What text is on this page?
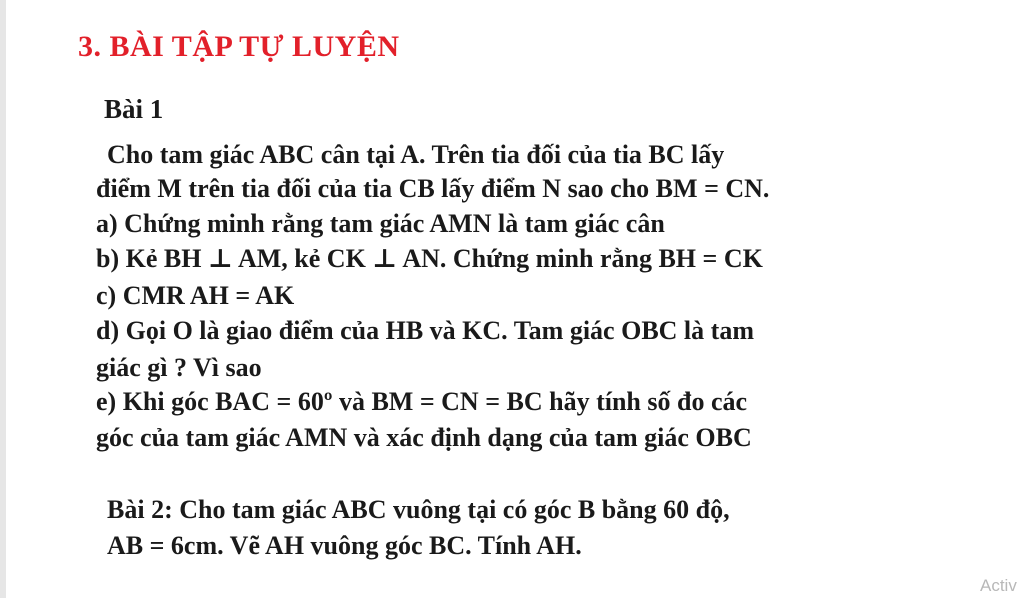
3. BÀI TẬP TỰ LUYỆN
Bài 1
Cho tam giác ABC cân tại A. Trên tia đối của tia BC lấy
điểm M trên tia đối của tia CB lấy điểm N sao cho BM = CN.
a) Chứng minh rằng tam giác AMN là tam giác cân
b) Kẻ BH ⊥ AM, kẻ CK ⊥ AN. Chứng minh rằng BH = CK
c) CMR AH = AK
d) Gọi O là giao điểm của HB và KC. Tam giác OBC là tam
giác gì ? Vì sao
e) Khi góc BAC = 60º và BM = CN = BC hãy tính số đo các
góc của tam giác AMN và xác định dạng của tam giác OBC
Bài 2: Cho tam giác ABC vuông tại có góc B bằng 60 độ,
AB = 6cm. Vẽ AH vuông góc BC. Tính AH.
Activ
